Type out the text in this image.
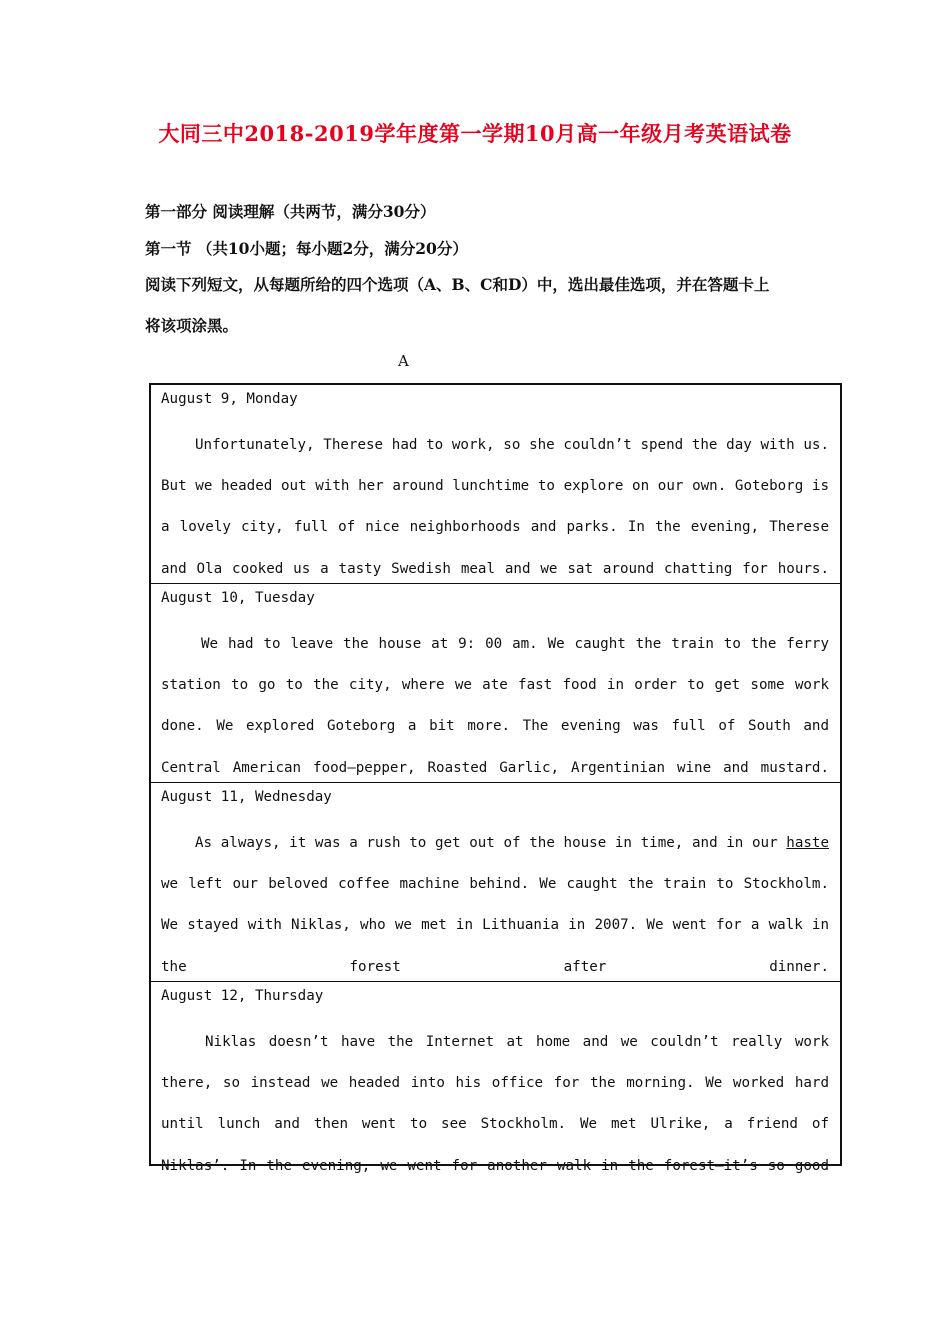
大同三中2018-2019学年度第一学期10月高一年级月考英语试卷
第一部分 阅读理解（共两节，满分30分）
第一节 （共10小题；每小题2分，满分20分）
阅读下列短文，从每题所给的四个选项（A、B、C和D）中，选出最佳选项，并在答题卡上
将该项涂黑。
A
August 9, Monday
Unfortunately, Therese had to work, so she couldn’t spend the day with us. But we headed out with her around lunchtime to explore on our own. Goteborg is a lovely city, full of nice neighborhoods and parks. In the evening, Therese and Ola cooked us a tasty Swedish meal and we sat around chatting for hours.
August 10, Tuesday
We had to leave the house at 9: 00 am. We caught the train to the ferry station to go to the city, where we ate fast food in order to get some work done. We explored Goteborg a bit more. The evening was full of South and Central American food—pepper, Roasted Garlic, Argentinian wine and mustard.
August 11, Wednesday
As always, it was a rush to get out of the house in time, and in our haste we left our beloved coffee machine behind. We caught the train to Stockholm. We stayed with Niklas, who we met in Lithuania in 2007. We went for a walk in the forest after dinner.
August 12, Thursday
Niklas doesn’t have the Internet at home and we couldn’t really work there, so instead we headed into his office for the morning. We worked hard until lunch and then went to see Stockholm. We met Ulrike, a friend of Niklas’. In the evening, we went for another walk in the forest—it’s so good
